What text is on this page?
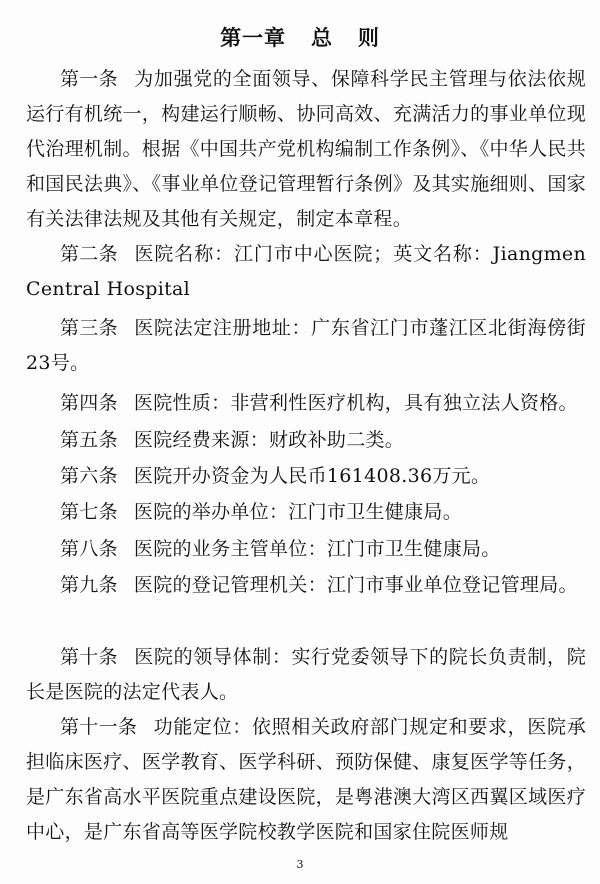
第一章   总   则
第一条 为加强党的全面领导、保障科学民主管理与依法依规运行有机统一，构建运行顺畅、协同高效、充满活力的事业单位现代治理机制。根据《中国共产党机构编制工作条例》、《中华人民共和国民法典》、《事业单位登记管理暂行条例》及其实施细则、国家有关法律法规及其他有关规定，制定本章程。
第二条 医院名称：江门市中心医院；英文名称：Jiangmen Central Hospital
第三条 医院法定注册地址：广东省江门市蓬江区北街海傍街23号。
第四条 医院性质：非营利性医疗机构，具有独立法人资格。
第五条 医院经费来源：财政补助二类。
第六条 医院开办资金为人民币161408.36万元。
第七条 医院的举办单位：江门市卫生健康局。
第八条 医院的业务主管单位：江门市卫生健康局。
第九条 医院的登记管理机关：江门市事业单位登记管理局。
第十条 医院的领导体制：实行党委领导下的院长负责制，院长是医院的法定代表人。
第十一条 功能定位：依照相关政府部门规定和要求，医院承担临床医疗、医学教育、医学科研、预防保健、康复医学等任务，是广东省高水平医院重点建设医院，是粤港澳大湾区西翼区域医疗中心，是广东省高等医学院校教学医院和国家住院医师规
3
